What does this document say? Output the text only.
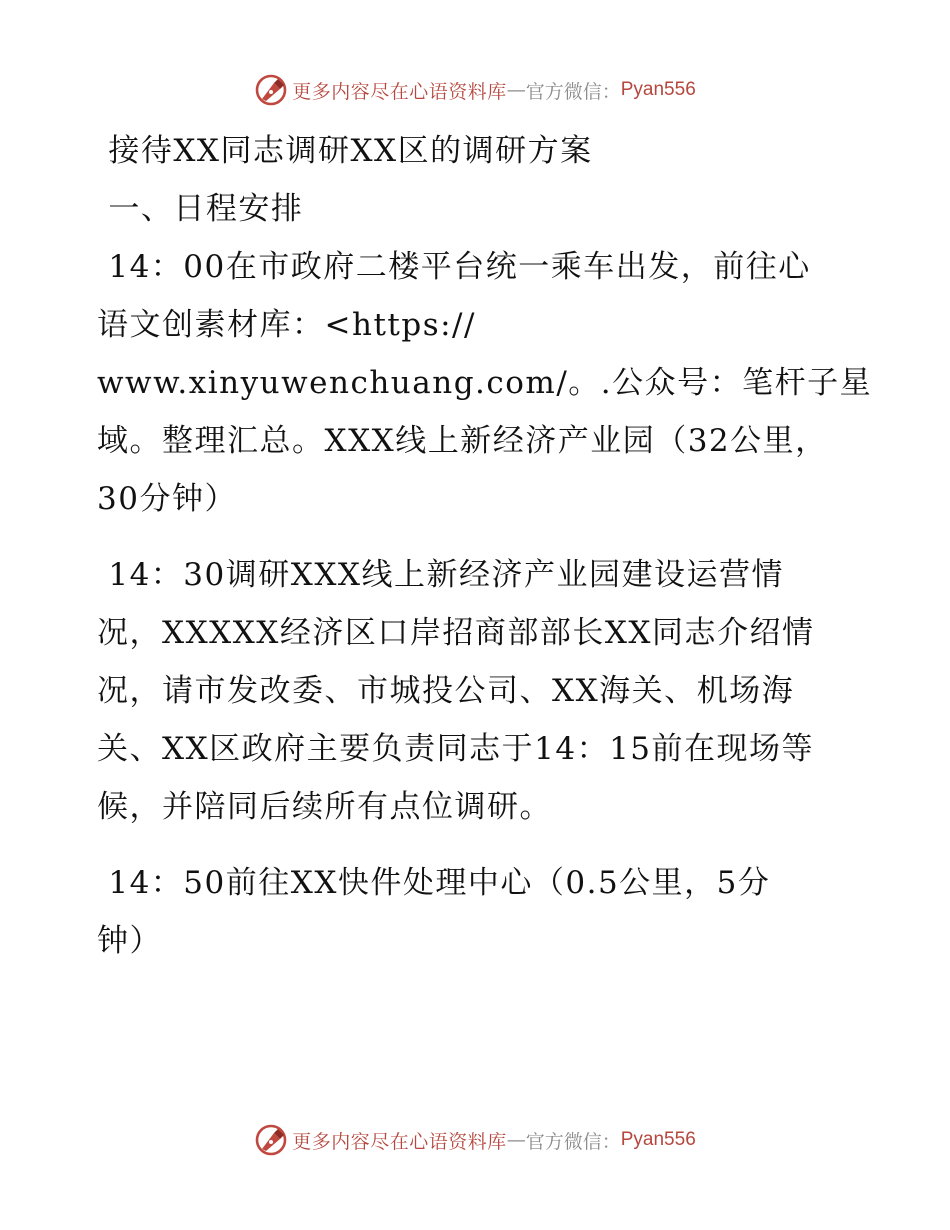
更多内容尽在心语资料库 — 官方微信： Pyan556
接待XX同志调研XX区的调研方案
一、日程安排
14：00在市政府二楼平台统一乘车出发，前往心
语文创素材库：<https://
www.xinyuwenchuang.com/。.公众号：笔杆子星
域。整理汇总。XXX线上新经济产业园（32公里，
30分钟）
14：30调研XXX线上新经济产业园建设运营情
况，XXXXX经济区口岸招商部部长XX同志介绍情
况，请市发改委、市城投公司、XX海关、机场海
关、XX区政府主要负责同志于14：15前在现场等
候，并陪同后续所有点位调研。
14：50前往XX快件处理中心（0.5公里，5分
钟）
更多内容尽在心语资料库 — 官方微信： Pyan556
